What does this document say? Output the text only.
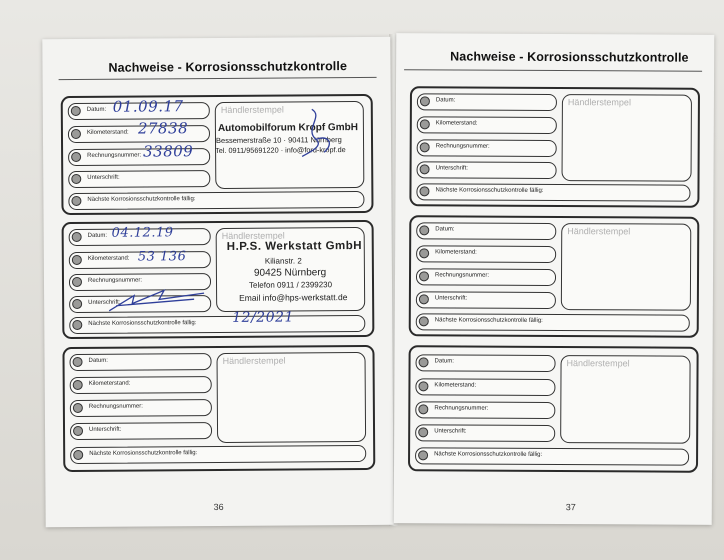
Nachweise - Korrosionsschutzkontrolle
Datum:
Kilometerstand:
Rechnungsnummer:
Unterschrift:
Nächste Korrosionsschutzkontrolle fällig:
Händlerstempel
Automobilforum Kropf GmbH
Bessemerstraße 10 · 90411 Nürnberg
Tel. 0911/95691220 · info@ford-kropf.de
01.09.17
27838
33809
Datum:
Kilometerstand:
Rechnungsnummer:
Unterschrift:
Nächste Korrosionsschutzkontrolle fällig:
Händlerstempel
H.P.S. Werkstatt GmbH
Kilianstr. 2
90425 Nürnberg
Telefon 0911 / 2399230
Email info@hps-werkstatt.de
04.12.19
53 136
12/2021
Datum:
Kilometerstand:
Rechnungsnummer:
Unterschrift:
Nächste Korrosionsschutzkontrolle fällig:
Händlerstempel
36
Nachweise - Korrosionsschutzkontrolle
Datum:
Kilometerstand:
Rechnungsnummer:
Unterschrift:
Nächste Korrosionsschutzkontrolle fällig:
Händlerstempel
Datum:
Kilometerstand:
Rechnungsnummer:
Unterschrift:
Nächste Korrosionsschutzkontrolle fällig:
Händlerstempel
Datum:
Kilometerstand:
Rechnungsnummer:
Unterschrift:
Nächste Korrosionsschutzkontrolle fällig:
Händlerstempel
37
